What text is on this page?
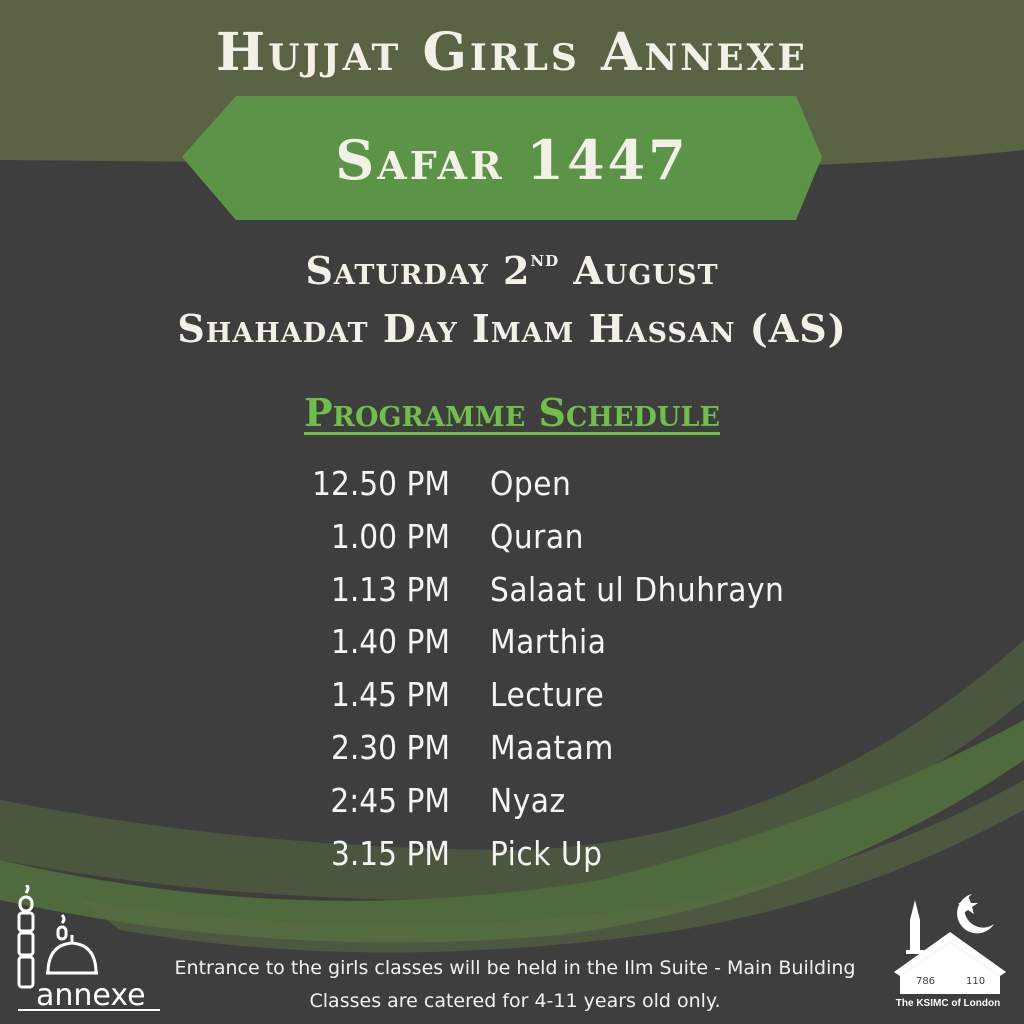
Hujjat Girls Annexe
Safar 1447
Saturday 2nd August
Shahadat Day Imam Hassan (AS)
Programme Schedule
12.50 PM Open
1.00 PM Quran
1.13 PM Salaat ul Dhuhrayn
1.40 PM Marthia
1.45 PM Lecture
2.30 PM Maatam
2:45 PM Nyaz
3.15 PM Pick Up
Entrance to the girls classes will be held in the Ilm Suite - Main Building
Classes are catered for 4-11 years old only.
annexe	786	110
The KSIMC of London
